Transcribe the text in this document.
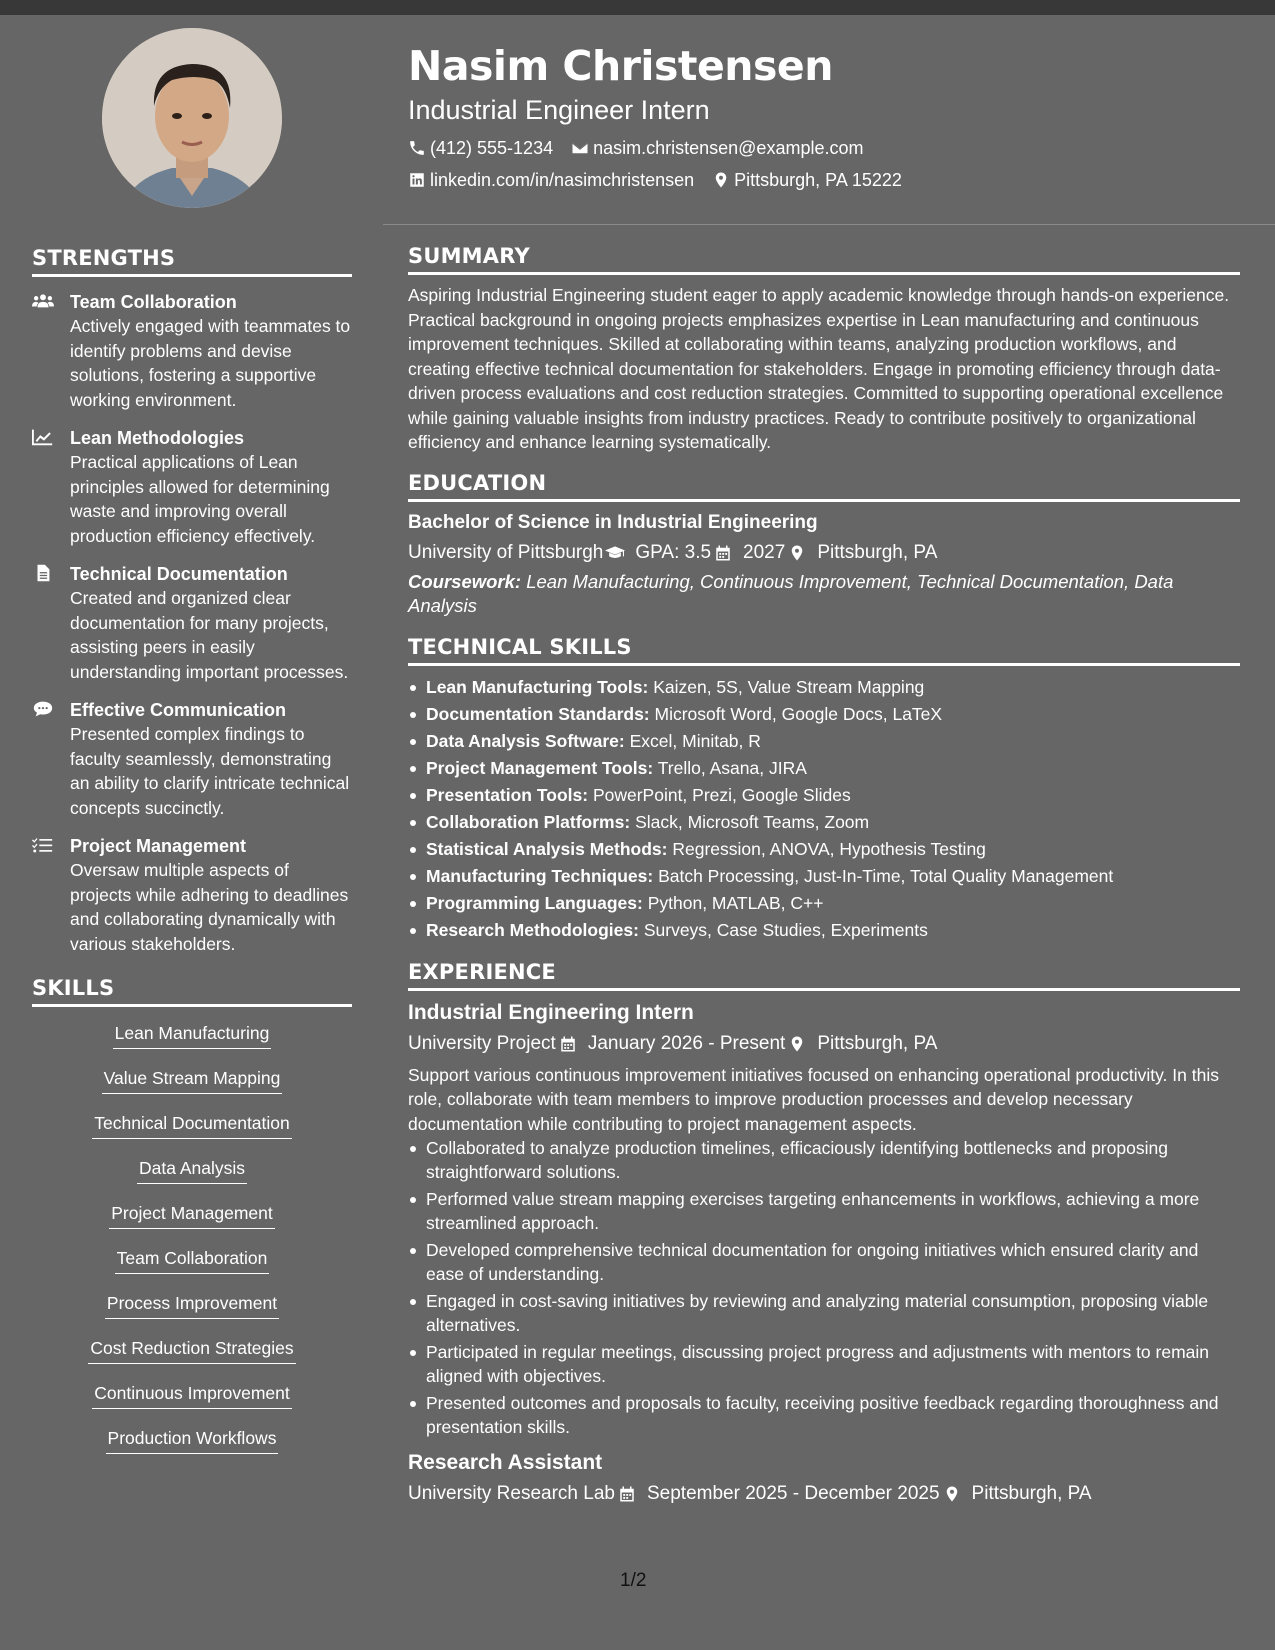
STRENGTHS
Team Collaboration
Actively engaged with teammates to identify problems and devise solutions, fostering a supportive working environment.
Lean Methodologies
Practical applications of Lean principles allowed for determining waste and improving overall production efficiency effectively.
Technical Documentation
Created and organized clear documentation for many projects, assisting peers in easily understanding important processes.
Effective Communication
Presented complex findings to faculty seamlessly, demonstrating an ability to clarify intricate technical concepts succinctly.
Project Management
Oversaw multiple aspects of projects while adhering to deadlines and collaborating dynamically with various stakeholders.
SKILLS
Lean Manufacturing
Value Stream Mapping
Technical Documentation
Data Analysis
Project Management
Team Collaboration
Process Improvement
Cost Reduction Strategies
Continuous Improvement
Production Workflows
Nasim Christensen
Industrial Engineer Intern
(412) 555-1234 nasim.christensen@example.com
linkedin.com/in/nasimchristensen Pittsburgh, PA 15222
SUMMARY

Aspiring Industrial Engineering student eager to apply academic knowledge through hands-on experience. Practical background in ongoing projects emphasizes expertise in Lean manufacturing and continuous improvement techniques. Skilled at collaborating within teams, analyzing production workflows, and creating effective technical documentation for stakeholders. Engage in promoting efficiency through data-driven process evaluations and cost reduction strategies. Committed to supporting operational excellence while gaining valuable insights from industry practices. Ready to contribute positively to organizational efficiency and enhance learning systematically.

EDUCATION
Bachelor of Science in Industrial Engineering
University of Pittsburgh GPA: 3.5 2027 Pittsburgh, PA
Coursework: Lean Manufacturing, Continuous Improvement, Technical Documentation, Data Analysis
TECHNICAL SKILLS
Lean Manufacturing Tools: Kaizen, 5S, Value Stream Mapping
Documentation Standards: Microsoft Word, Google Docs, LaTeX
Data Analysis Software: Excel, Minitab, R
Project Management Tools: Trello, Asana, JIRA
Presentation Tools: PowerPoint, Prezi, Google Slides
Collaboration Platforms: Slack, Microsoft Teams, Zoom
Statistical Analysis Methods: Regression, ANOVA, Hypothesis Testing
Manufacturing Techniques: Batch Processing, Just-In-Time, Total Quality Management
Programming Languages: Python, MATLAB, C++
Research Methodologies: Surveys, Case Studies, Experiments
EXPERIENCE
Industrial Engineering Intern
University Project January 2026 - Present Pittsburgh, PA

Support various continuous improvement initiatives focused on enhancing operational productivity. In this role, collaborate with team members to improve production processes and develop necessary documentation while contributing to project management aspects.

Collaborated to analyze production timelines, efficaciously identifying bottlenecks and proposing straightforward solutions.
Performed value stream mapping exercises targeting enhancements in workflows, achieving a more streamlined approach.
Developed comprehensive technical documentation for ongoing initiatives which ensured clarity and ease of understanding.
Engaged in cost-saving initiatives by reviewing and analyzing material consumption, proposing viable alternatives.
Participated in regular meetings, discussing project progress and adjustments with mentors to remain aligned with objectives.
Presented outcomes and proposals to faculty, receiving positive feedback regarding thoroughness and presentation skills.
Research Assistant
University Research Lab September 2025 - December 2025 Pittsburgh, PA
1/2
